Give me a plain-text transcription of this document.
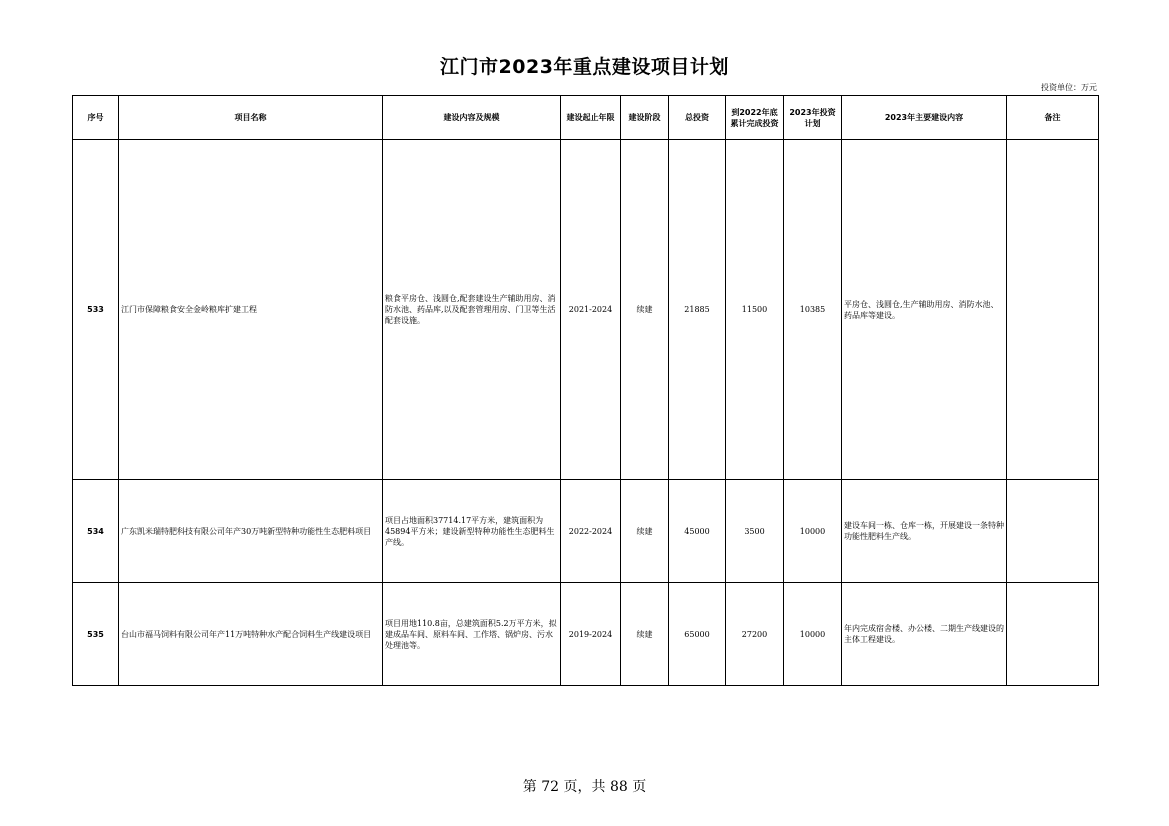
江门市2023年重点建设项目计划
投资单位：万元
序号	项目名称	建设内容及规模	建设起止年限	建设阶段	总投资	到2022年底累计完成投资	2023年投资计划	2023年主要建设内容	备注
533	江门市保障粮食安全金岭粮库扩建工程	粮食平房仓、浅圆仓,配套建设生产辅助用房、消防水池、药品库,以及配套管理用房、门卫等生活配套设施。	2021-2024	续建	21885	11500	10385	平房仓、浅圆仓,生产辅助用房、消防水池、药品库等建设。	
534	广东凯米瑞特肥科技有限公司年产30万吨新型特种功能性生态肥料项目	项目占地面积37714.17平方米，建筑面积为45894平方米；建设新型特种功能性生态肥料生产线。	2022-2024	续建	45000	3500	10000	建设车间一栋、仓库一栋，开展建设一条特种功能性肥料生产线。	
535	台山市福马饲料有限公司年产11万吨特种水产配合饲料生产线建设项目	项目用地110.8亩，总建筑面积5.2万平方米，拟建成品车间、原料车间、工作塔、锅炉房、污水处理池等。	2019-2024	续建	65000	27200	10000	年内完成宿舍楼、办公楼、二期生产线建设的主体工程建设。	
第 72 页，共 88 页
